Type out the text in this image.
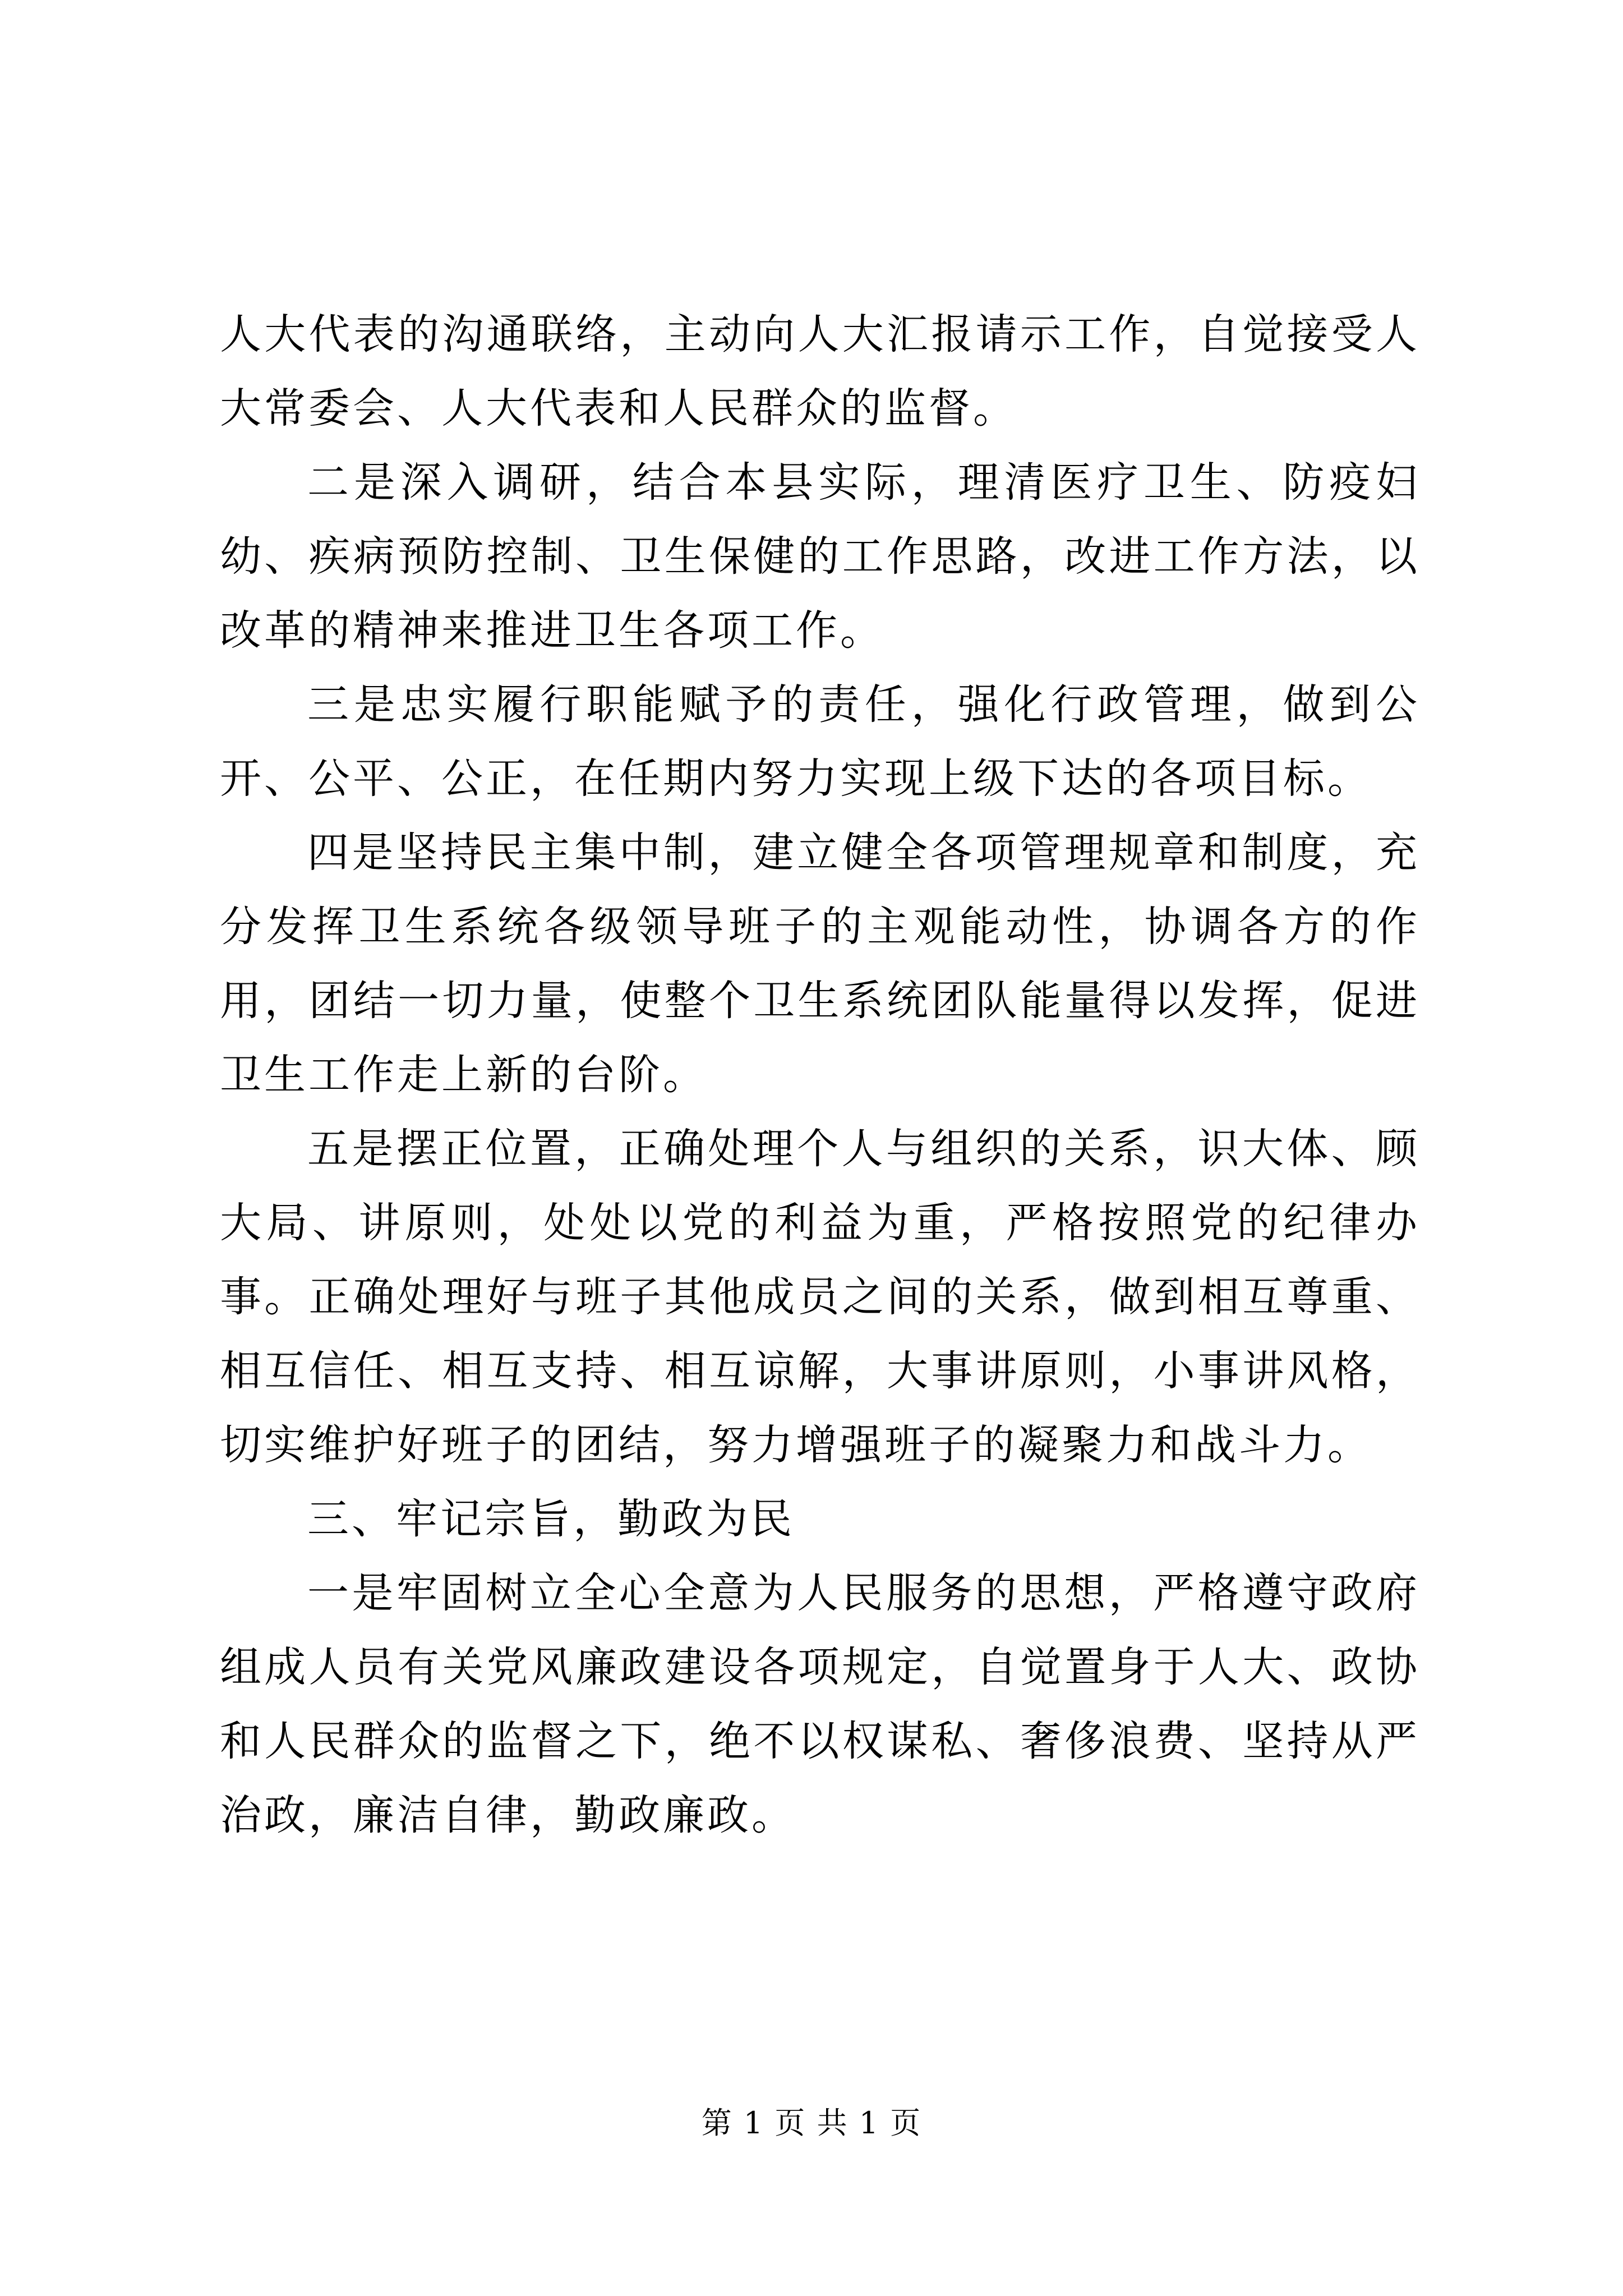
人大代表的沟通联络，主动向人大汇报请示工作，自觉接受人大常委会、人大代表和人民群众的监督。

二是深入调研，结合本县实际，理清医疗卫生、防疫妇幼、疾病预防控制、卫生保健的工作思路，改进工作方法，以改革的精神来推进卫生各项工作。

三是忠实履行职能赋予的责任，强化行政管理，做到公开、公平、公正，在任期内努力实现上级下达的各项目标。

四是坚持民主集中制，建立健全各项管理规章和制度，充分发挥卫生系统各级领导班子的主观能动性，协调各方的作用，团结一切力量，使整个卫生系统团队能量得以发挥，促进卫生工作走上新的台阶。

五是摆正位置，正确处理个人与组织的关系，识大体、顾大局、讲原则，处处以党的利益为重，严格按照党的纪律办事。正确处理好与班子其他成员之间的关系，做到相互尊重、相互信任、相互支持、相互谅解，大事讲原则，小事讲风格，切实维护好班子的团结，努力增强班子的凝聚力和战斗力。

三、牢记宗旨，勤政为民

一是牢固树立全心全意为人民服务的思想，严格遵守政府组成人员有关党风廉政建设各项规定，自觉置身于人大、政协和人民群众的监督之下，绝不以权谋私、奢侈浪费、坚持从严治政，廉洁自律，勤政廉政。

第 1 页 共 1 页
